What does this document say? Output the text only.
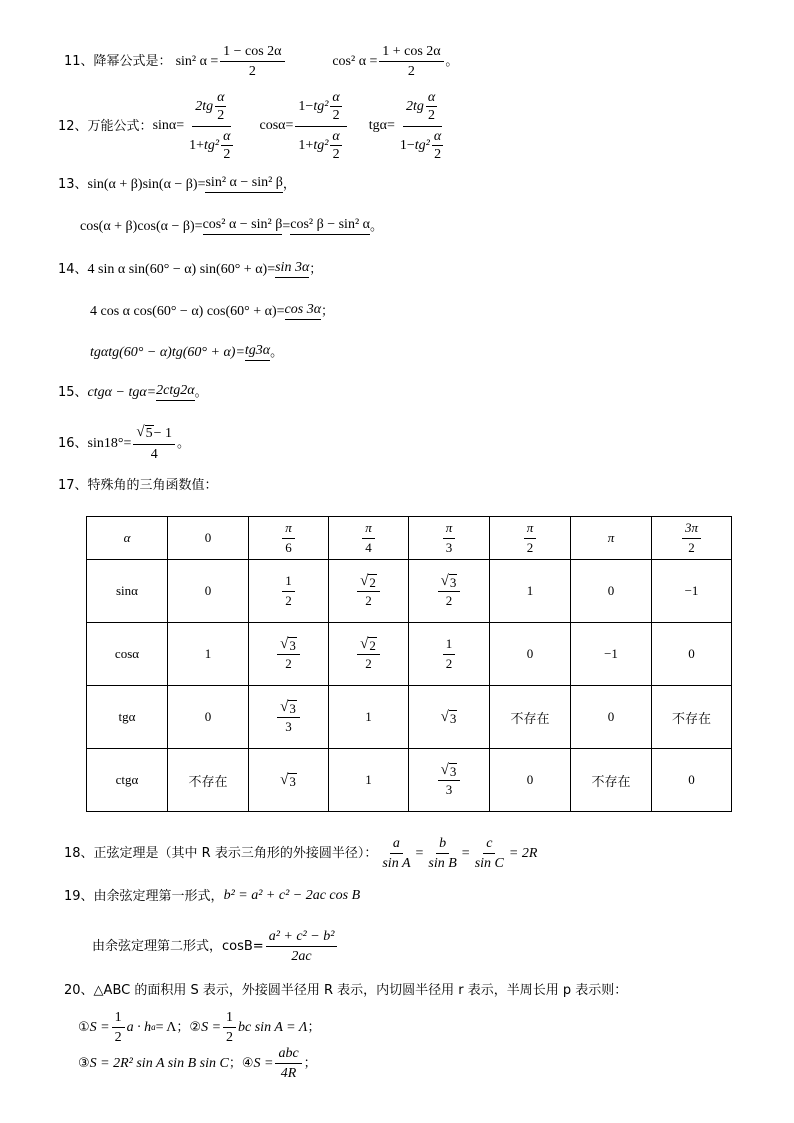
11、 降幂公式是： sin² $\alpha = \frac{1 - \cos 2\alpha}{2}$	cos² $\alpha = \frac{1 + \cos 2\alpha}{2}$ 。
12、 万能公式： $\sin\alpha= \frac{2tg \frac{\alpha}{2}}{1 + tg^2 \frac{\alpha}{2}} \cos\alpha= \frac{1 - tg^2 \frac{\alpha}{2}}{1 + tg^2 \frac{\alpha}{2}} tg\alpha= \frac{2tg \frac{\alpha}{2}}{1 - tg^2 \frac{\alpha}{2}}$
13、 sin(α + β)sin(α − β)= sin² α − sin² β ，
cos(α + β)cos(α − β)= cos² α − sin² β = cos² β − sin² α 。
14、 4 sin α sin(60° − α) sin(60° + α)= sin 3α ；
4 cos α cos(60° − α) cos(60° + α)= cos 3α ；
tgαtg(60° − α)tg(60° + α)= tg3α 。
15、 ctgα − tgα= 2ctg2α 。
16、 $\sin 18^\circ= \frac{√ 5 - 1}{4}$ 。
17、 特殊角的三角函数值：
α	0	$\frac{\pi}{6}$	$\frac{\pi}{4}$	$\frac{\pi}{3}$	$\frac{\pi}{2}$	π	$\frac{3\pi}{2}$

sinα	0	$\frac{1}{2}$	$\frac{√ 2}{2}$	$\frac{√ 3}{2}$	1	0	−1
cosα	1	$\frac{√ 3}{2}$	$\frac{√ 2}{2}$	$\frac{1}{2}$	0	−1	0
tgα	0	$\frac{√ 3}{3}$	1	√ 3	不存在	0	不存在
ctgα	不存在	√ 3	1	$\frac{√ 3}{3}$	0	不存在	0
18、 正弦定理是（其中 R 表示三角形的外接圆半径）： $\frac{a}{\text{sin A}} = \frac{b}{\text{sin B}} = \frac{c}{\text{sin C}} = 2R$
19、 由余弦定理第一形式， b² = a² + c² − 2ac cos B
由余弦定理第二形式，$\cos B= \frac{\text{a² + c² − b²}}{2ac}$
20、 △ABC 的面积用 S 表示，外接圆半径用 R 表示，内切圆半径用 r 表示，半周长用 p 表示则：
① $S = \frac{1}{2}$ a · h a = Λ ； ② $S = \frac{1}{2}$ bc sin A = Λ ；
③ S = 2R² sin A sin B sin C ； ④ $S = \frac{\text{abc}}{4R}$ ；
